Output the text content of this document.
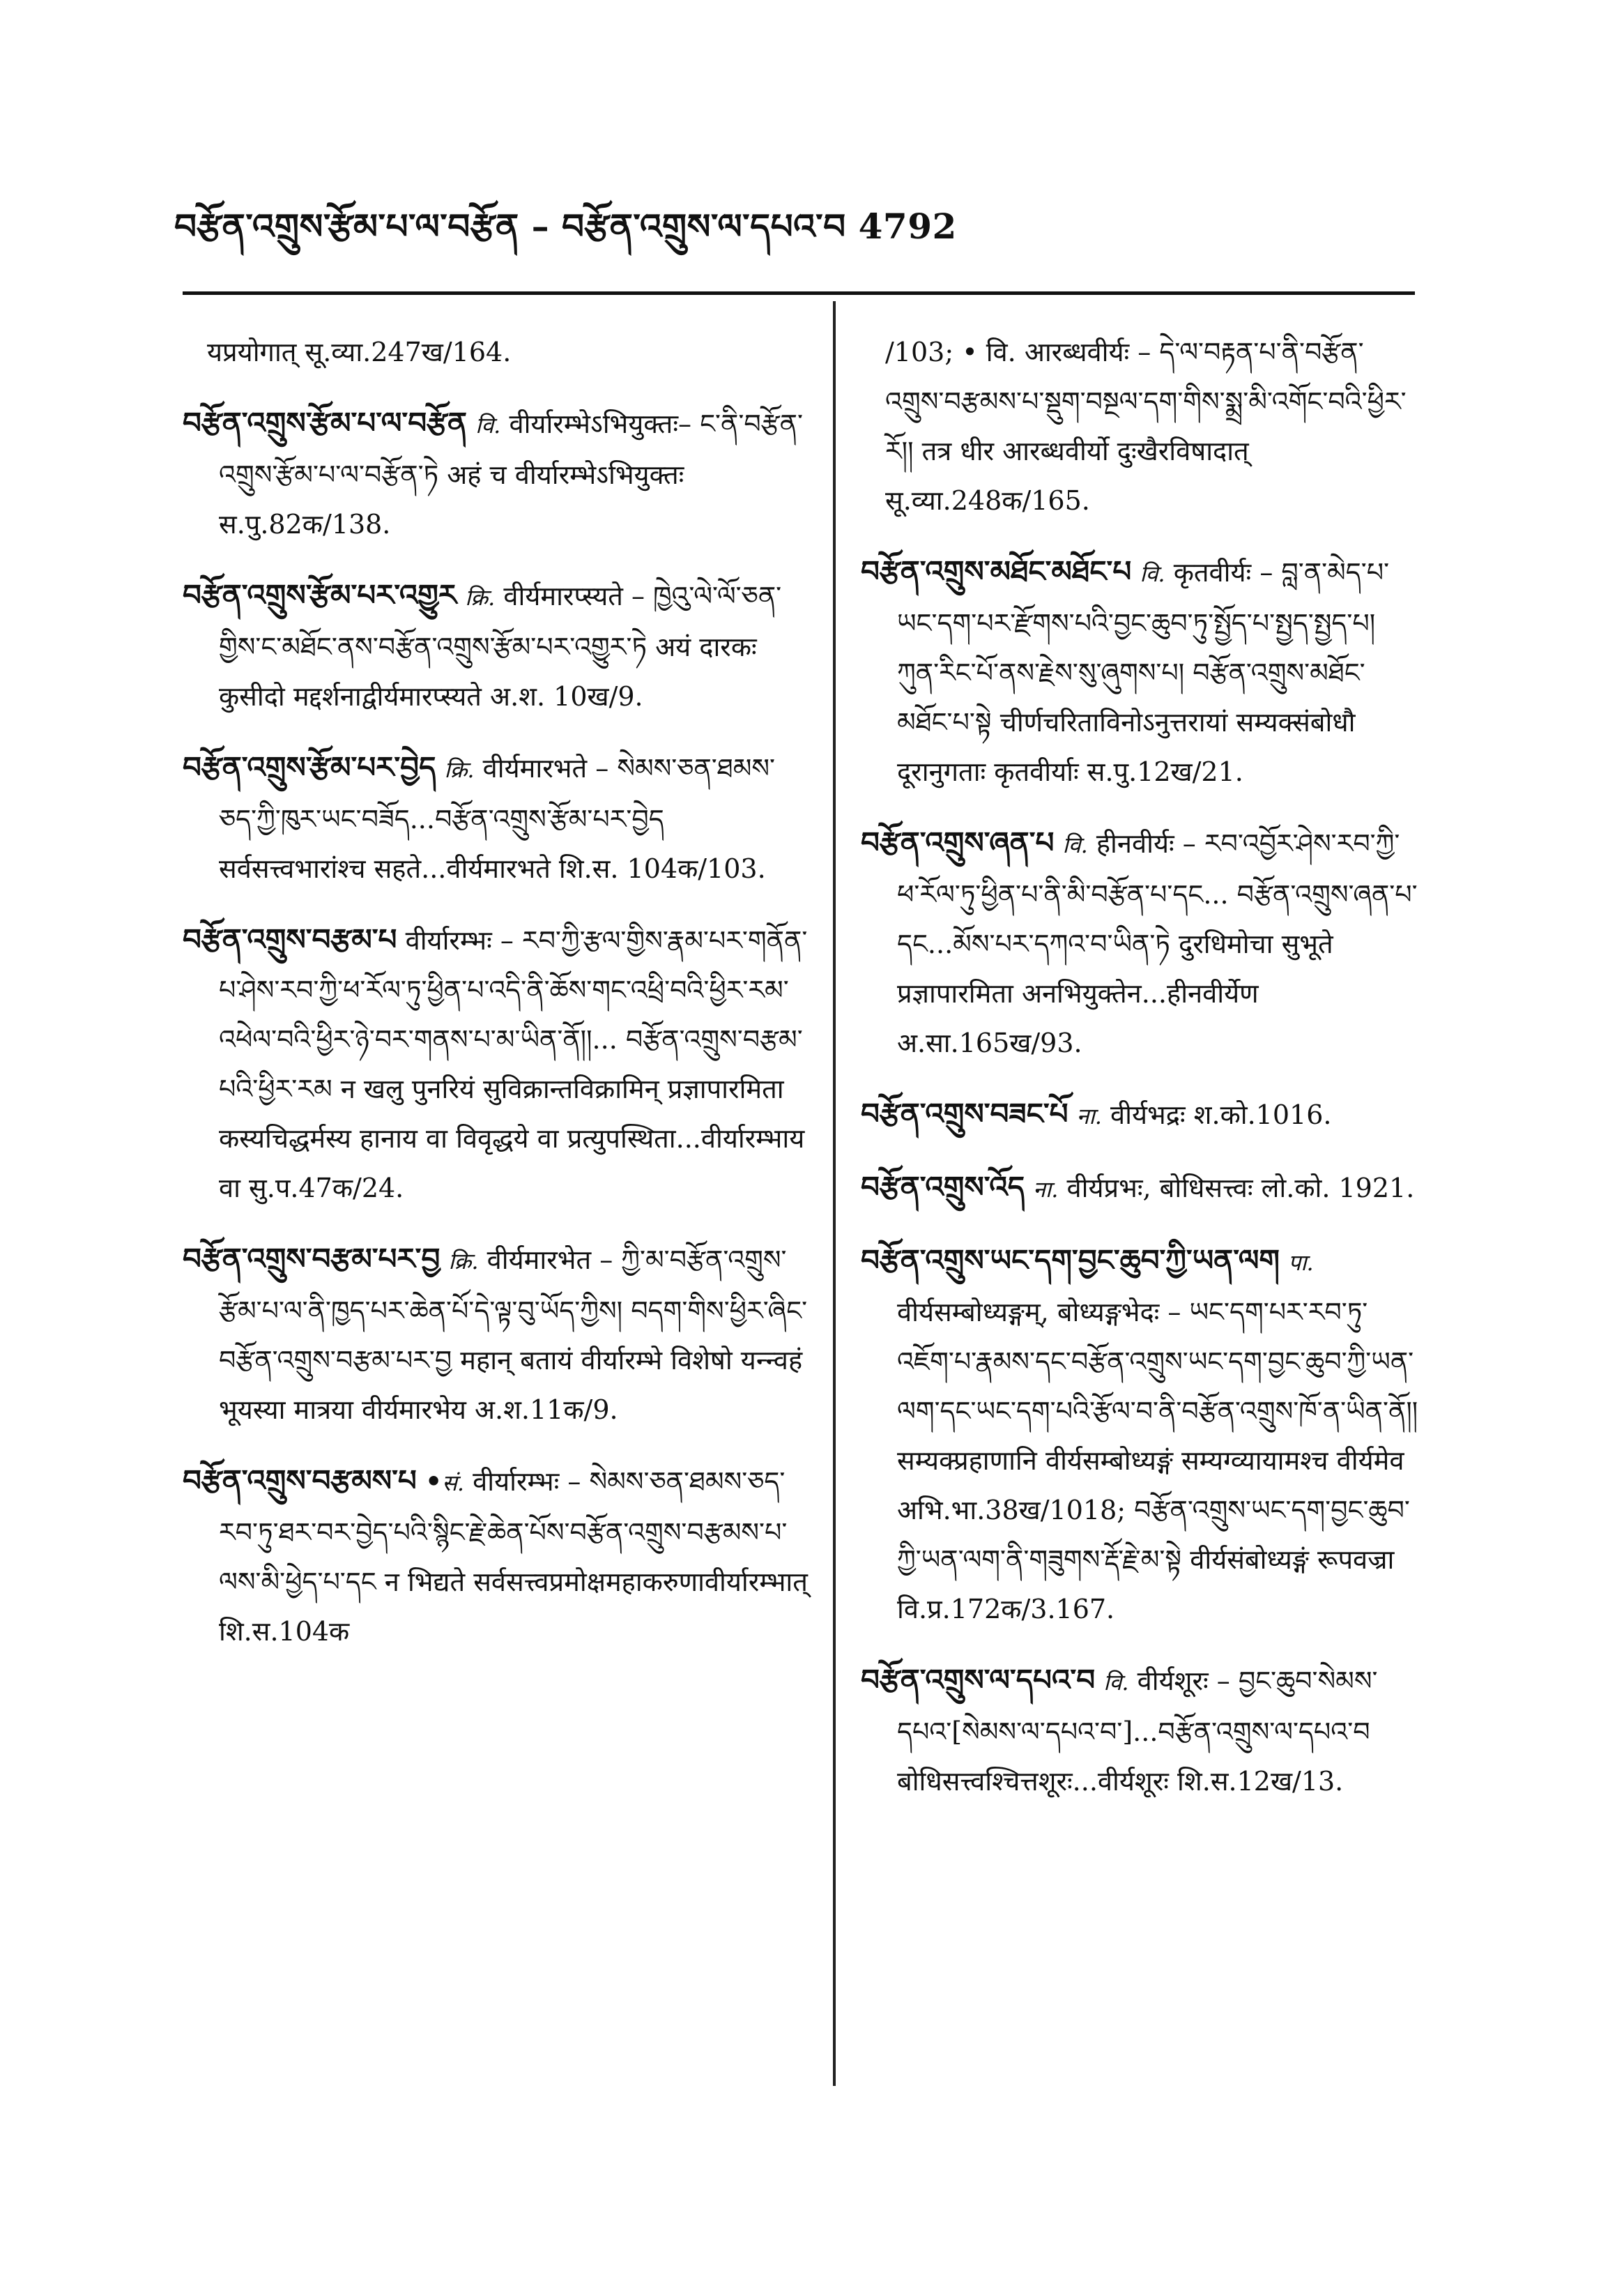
བརྩོན་འགྲུས་རྩོམ་པ་ལ་བརྩོན – བརྩོན་འགྲུས་ལ་དཔའ་བ 4792

यप्रयोगात् सू.व्या.247ख/164.

བརྩོན་འགྲུས་རྩོམ་པ་ལ་བརྩོན वि. वीर्यारम्भेऽभियुक्तः– ང་ནི་བརྩོན་འགྲུས་རྩོམ་པ་ལ་བརྩོན་ཏེ अहं च वीर्यारम्भेऽभियुक्तः स.पु.82क/138.

བརྩོན་འགྲུས་རྩོམ་པར་འགྱུར क्रि. वीर्यमारप्स्यते – ཁྱེའུ་ལེ་ལོ་ཅན་གྱིས་ང་མཐོང་ནས་བརྩོན་འགྲུས་རྩོམ་པར་འགྱུར་ཏེ अयं दारकः कुसीदो मद्दर्शनाद्वीर्यमारप्स्यते अ.श. 10ख/9.

བརྩོན་འགྲུས་རྩོམ་པར་བྱེད क्रि. वीर्यमारभते – སེམས་ཅན་ཐམས་ཅད་ཀྱི་ཁུར་ཡང་བཟོད...བརྩོན་འགྲུས་རྩོམ་པར་བྱེད सर्वसत्त्वभारांश्च सहते...वीर्यमारभते शि.स. 104क/103.

བརྩོན་འགྲུས་བརྩམ་པ वीर्यारम्भः – རབ་ཀྱི་རྩལ་གྱིས་རྣམ་པར་གནོན་པ་ཤེས་རབ་ཀྱི་ཕ་རོལ་ཏུ་ཕྱིན་པ་འདི་ནི་ཆོས་གང་འཕྲི་བའི་ཕྱིར་རམ་འཕེལ་བའི་ཕྱིར་ཉེ་བར་གནས་པ་མ་ཡིན་ནོ།།... བརྩོན་འགྲུས་བརྩམ་པའི་ཕྱིར་རམ न खलु पुनरियं सुविक्रान्तविक्रामिन् प्रज्ञापारमिता कस्यचिद्धर्मस्य हानाय वा विवृद्धये वा प्रत्युपस्थिता...वीर्यारम्भाय वा सु.प.47क/24.

བརྩོན་འགྲུས་བརྩམ་པར་བྱ क्रि. वीर्यमारभेत – ཀྱི་མ་བརྩོན་འགྲུས་རྩོམ་པ་ལ་ནི་ཁྱད་པར་ཆེན་པོ་དེ་ལྟ་བུ་ཡོད་ཀྱིས། བདག་གིས་ཕྱིར་ཞིང་བརྩོན་འགྲུས་བརྩམ་པར་བྱ महान् बतायं वीर्यारम्भे विशेषो यन्न्वहं भूयस्या मात्रया वीर्यमारभेय अ.श.11क/9.

བརྩོན་འགྲུས་བརྩམས་པ •सं. वीर्यारम्भः – སེམས་ཅན་ཐམས་ཅད་རབ་ཏུ་ཐར་བར་བྱེད་པའི་སྙིང་རྗེ་ཆེན་པོས་བརྩོན་འགྲུས་བརྩམས་པ་ལས་མི་ཕྱེད་པ་དང न भिद्यते सर्वसत्त्वप्रमोक्षमहाकरुणावीर्यारम्भात् शि.स.104क

/103; • वि. आरब्धवीर्यः – དེ་ལ་བརྟན་པ་ནི་བརྩོན་འགྲུས་བརྩམས་པ་སྡུག་བསྔལ་དག་གིས་སྨྲ་མི་འགོང་བའི་ཕྱིར་རོ།། तत्र धीर आरब्धवीर्यो दुःखैरविषादात् सू.व्या.248क/165.

བརྩོན་འགྲུས་མཐོང་མཐོང་པ वि. कृतवीर्यः – བླ་ན་མེད་པ་ཡང་དག་པར་རྫོགས་པའི་བྱང་ཆུབ་ཏུ་སྤྱོད་པ་སྤྱད་སྤྱད་པ། ཀུན་རིང་པོ་ནས་རྗེས་སུ་ཞུགས་པ། བརྩོན་འགྲུས་མཐོང་མཐོང་པ་སྟེ चीर्णचरिताविनोऽनुत्तरायां सम्यक्संबोधौ दूरानुगताः कृतवीर्याः स.पु.12ख/21.

བརྩོན་འགྲུས་ཞན་པ वि. हीनवीर्यः – རབ་འབྱོར་ཤེས་རབ་ཀྱི་ཕ་རོལ་ཏུ་ཕྱིན་པ་ནི་མི་བརྩོན་པ་དང... བརྩོན་འགྲུས་ཞན་པ་དང...མོས་པར་དཀའ་བ་ཡིན་ཏེ दुरधिमोचा सुभूते प्रज्ञापारमिता अनभियुक्तेन...हीनवीर्येण अ.सा.165ख/93.

བརྩོན་འགྲུས་བཟང་པོ ना. वीर्यभद्रः श.को.1016.

བརྩོན་འགྲུས་འོད ना. वीर्यप्रभः, बोधिसत्त्वः लो.को. 1921.

བརྩོན་འགྲུས་ཡང་དག་བྱང་ཆུབ་ཀྱི་ཡན་ལག पा. वीर्यसम्बोध्यङ्गम्, बोध्यङ्गभेदः – ཡང་དག་པར་རབ་ཏུ་འཇོག་པ་རྣམས་དང་བརྩོན་འགྲུས་ཡང་དག་བྱང་ཆུབ་ཀྱི་ཡན་ལག་དང་ཡང་དག་པའི་རྩོལ་བ་ནི་བརྩོན་འགྲུས་ཁོ་ན་ཡིན་ནོ།། सम्यक्प्रहाणानि वीर्यसम्बोध्यङ्गं सम्यग्व्यायामश्च वीर्यमेव अभि.भा.38ख/1018; བརྩོན་འགྲུས་ཡང་དག་བྱང་ཆུབ་ཀྱི་ཡན་ལག་ནི་གཟུགས་རྡོ་རྗེ་མ་སྟེ वीर्यसंबोध्यङ्गं रूपवज्रा वि.प्र.172क/3.167.

བརྩོན་འགྲུས་ལ་དཔའ་བ वि. वीर्यशूरः – བྱང་ཆུབ་སེམས་དཔའ་[སེམས་ལ་དཔའ་བ་]...བརྩོན་འགྲུས་ལ་དཔའ་བ बोधिसत्त्वश्चित्तशूरः...वीर्यशूरः शि.स.12ख/13.
